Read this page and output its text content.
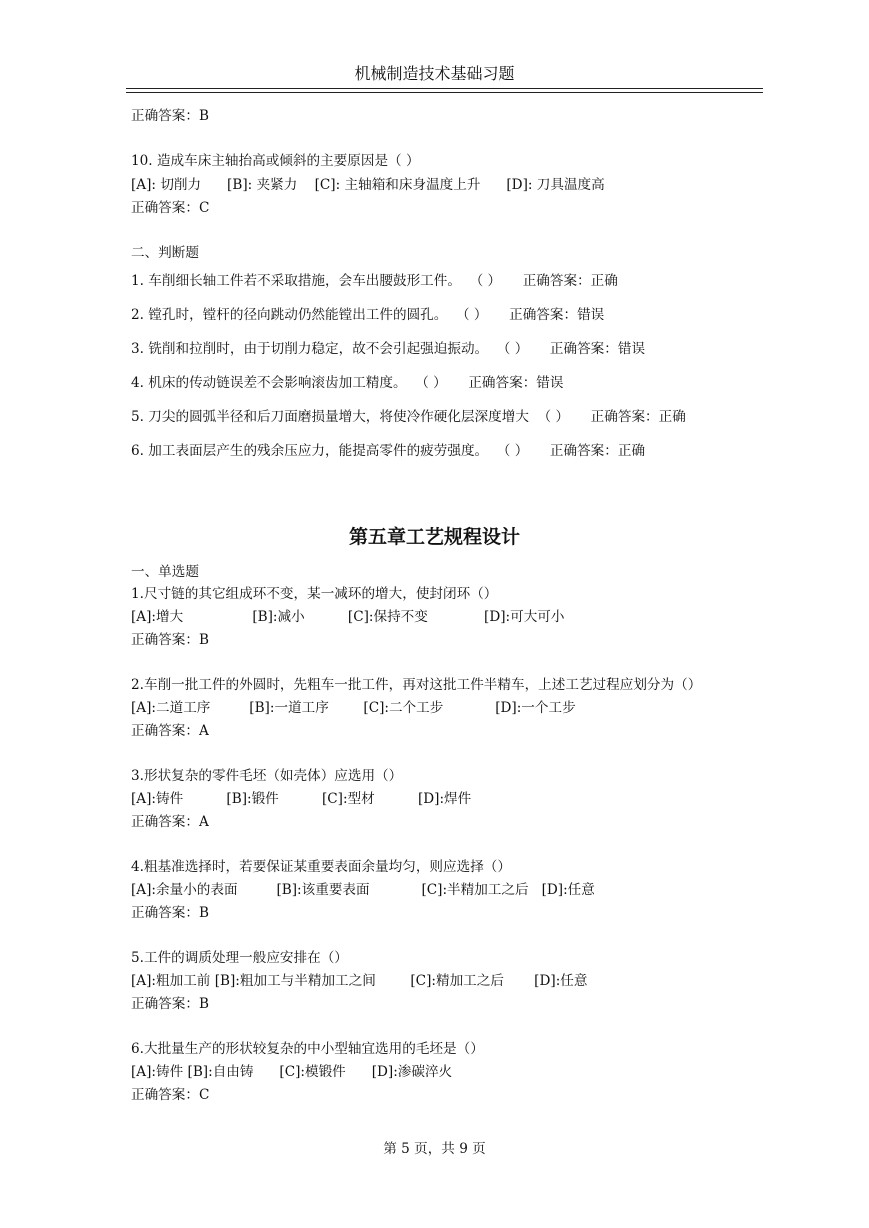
机械制造技术基础习题
正确答案：B
10. 造成车床主轴抬高或倾斜的主要原因是（ ）
[A]: 切削力      [B]: 夹紧力    [C]: 主轴箱和床身温度上升      [D]: 刀具温度高
正确答案：C
二、判断题
1. 车削细长轴工件若不采取措施，会车出腰鼓形工件。  （ ）     正确答案：正确
2. 镗孔时，镗杆的径向跳动仍然能镗出工件的圆孔。  （ ）     正确答案：错误
3. 铣削和拉削时，由于切削力稳定，故不会引起强迫振动。  （ ）     正确答案：错误
4. 机床的传动链误差不会影响滚齿加工精度。  （ ）     正确答案：错误
5. 刀尖的圆弧半径和后刀面磨损量增大，将使冷作硬化层深度增大  （ ）     正确答案：正确
6. 加工表面层产生的残余压应力，能提高零件的疲劳强度。  （ ）     正确答案：正确
第五章工艺规程设计
一、单选题
1.尺寸链的其它组成环不变，某一减环的增大，使封闭环（）
[A]:增大                [B]:减小          [C]:保持不变             [D]:可大可小
正确答案：B
2.车削一批工件的外圆时，先粗车一批工件，再对这批工件半精车，上述工艺过程应划分为（）
[A]:二道工序         [B]:一道工序        [C]:二个工步            [D]:一个工步
正确答案：A
3.形状复杂的零件毛坯（如壳体）应选用（）
[A]:铸件          [B]:锻件          [C]:型材          [D]:焊件
正确答案：A
4.粗基准选择时，若要保证某重要表面余量均匀，则应选择（）
[A]:余量小的表面         [B]:该重要表面            [C]:半精加工之后   [D]:任意
正确答案：B
5.工件的调质处理一般应安排在（）
[A]:粗加工前 [B]:粗加工与半精加工之间        [C]:精加工之后       [D]:任意
正确答案：B
6.大批量生产的形状较复杂的中小型轴宜选用的毛坯是（）
[A]:铸件 [B]:自由铸      [C]:模锻件      [D]:渗碳淬火
正确答案：C
第 5 页，共 9 页
